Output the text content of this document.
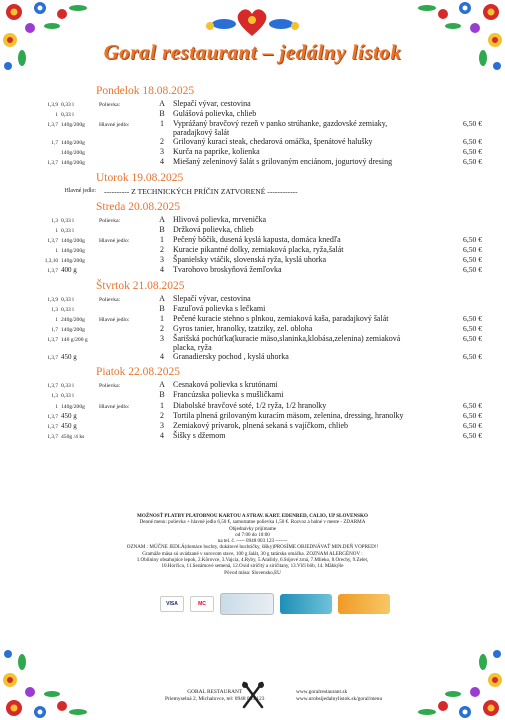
Goral restaurant – jedálny lístok
Pondelok 18.08.2025
1,3,9 0,33 l	Polievka:	A	Slepačí vývar, cestovina
1 0,33 l	B	Gulášová polievka, chlieb
1,3,7 140g/200g	Hlavné jedlo:	1	Vyprážaný bravčový rezeň v panko strúhanke, gazdovské zemiaky, paradajkový šalát
6,50 €
1,7 140g/200g	2	Grilovaný kurací steak, chedarová omáčka, špenátové halušky	6,50 €
140g/200g	3	Kurča na paprike, kolienka	6,50 €
1,3,7 140g/200g	4	Miešaný zeleninový šalát s grilovaným enciánom, jogurtový dresing	6,50 €
Utorok 19.08.2025
Hlavné jedlo:	---------- Z TECHNICKÝCH PRÍČIN ZATVORENÉ ------------
Streda 20.08.2025
1,3 0,33 l	Polievka:	A	Hlivová polievka, mrvenička
1 0,33 l	B	Držková polievka, chlieb
1,3,7 140g/200g	Hlavné jedlo:	1	Pečený bôčik, dusená kyslá kapusta, domáca knedľa	6,50 €
1 140g/200g	2	Kuracie pikantné dolky, zemiaková placka, ryža,šalát	6,50 €
1,3,10 140g/200g	3	Španielsky vtáčik, slovenská ryža, kyslá uhorka	6,50 €
1,3,7 400 g	4	Tvarohovo broskyňová žemľovka	6,50 €
Štvrtok 21.08.2025
1,3,9 0,33 l	Polievka:	A	Slepačí vývar, cestovina
1,3 0,33 l	B	Fazuľová polievka s lečkami
1 240g/200g	Hlavné jedlo:	1	Pečené kuracie stehno s plnkou, zemiaková kaša, paradajkový šalát	6,50 €
1,7 140g/200g	2	Gyros tanier, hranolky, tzatziky, zel. obloha	6,50 €
1,3,7 140 g/200 g	3	Šarišská pochúťka(kuracie mäso,slaninka,klobása,zelenina) zemiaková placka, ryža
6,50 €
1,3,7 450 g	4	Granadiersky pochod , kyslá uhorka	6,50 €
Piatok 22.08.2025
1,3,7 0,33 l	Polievka:	A	Cesnaková polievka s krutónami
1,3 0,33 l	B	Francúzska polievka s mušličkami
1 140g/200g	Hlavné jedlo:	1	Diabolské bravčové soté, 1/2 ryža, 1/2 hranolky	6,50 €
1,3,7 450 g	2	Tortila plnená grilovaným kuracím mäsom, zelenina, dressing, hranolky	6,50 €
1,3,7 450 g	3	Zemiakový prívarok, plnená sekaná s vajíčkom, chlieb	6,50 €
1,3,7 450g /4 ks	4	Šišky s džemom	6,50 €
MOŽNOSŤ PLATBY PLATOBNOU KARTOU A STRAV. KART. EDENRED, CALIO, UP SLOVENSKO
Denné menu: polievka + hlavné jedlo 6,50 €, samostatne polievka 1,50 €. Rozvoz a balné v meste - ZDARMA
Objednávky prijímame
od 7:00 do 10:00
na tel. č. ----- 0948 003 123 -------
OZNAM : MÚČNE JEDLÁ(domáce buchty, dukátové buchtičky, šišky)PROSÍME OBJEDNÁVAŤ MIN.DEŇ VOPRED!!
Gramáže mäsa sú uvádzané v surovom stave, 100 g šalát, 30 g tatárska omáčka. ZOZNAM ALERGÉNOV :
1.Obilniny obsahujúce lepok, 2.Kôrovce, 3.Vajcia, 4.Ryby, 5.Arašidy, 6.Sójové zrná, 7.Mlieko, 8.Orechy, 9.Zeler,
10.Horčica, 11.Sezámové semená, 12.Oxid siričitý a siričitany, 13.Vlčí bôb, 14. Mäkkýše
Pôvod mäsa: Slovensko,EU
VISA	MC
GORAL RESTAURANT
Priemyselná 2, Michalovce, tel: 0948 003 123
www.goralrestaurant.sk
www.urobsijedalnylistok.sk/goral/menu
